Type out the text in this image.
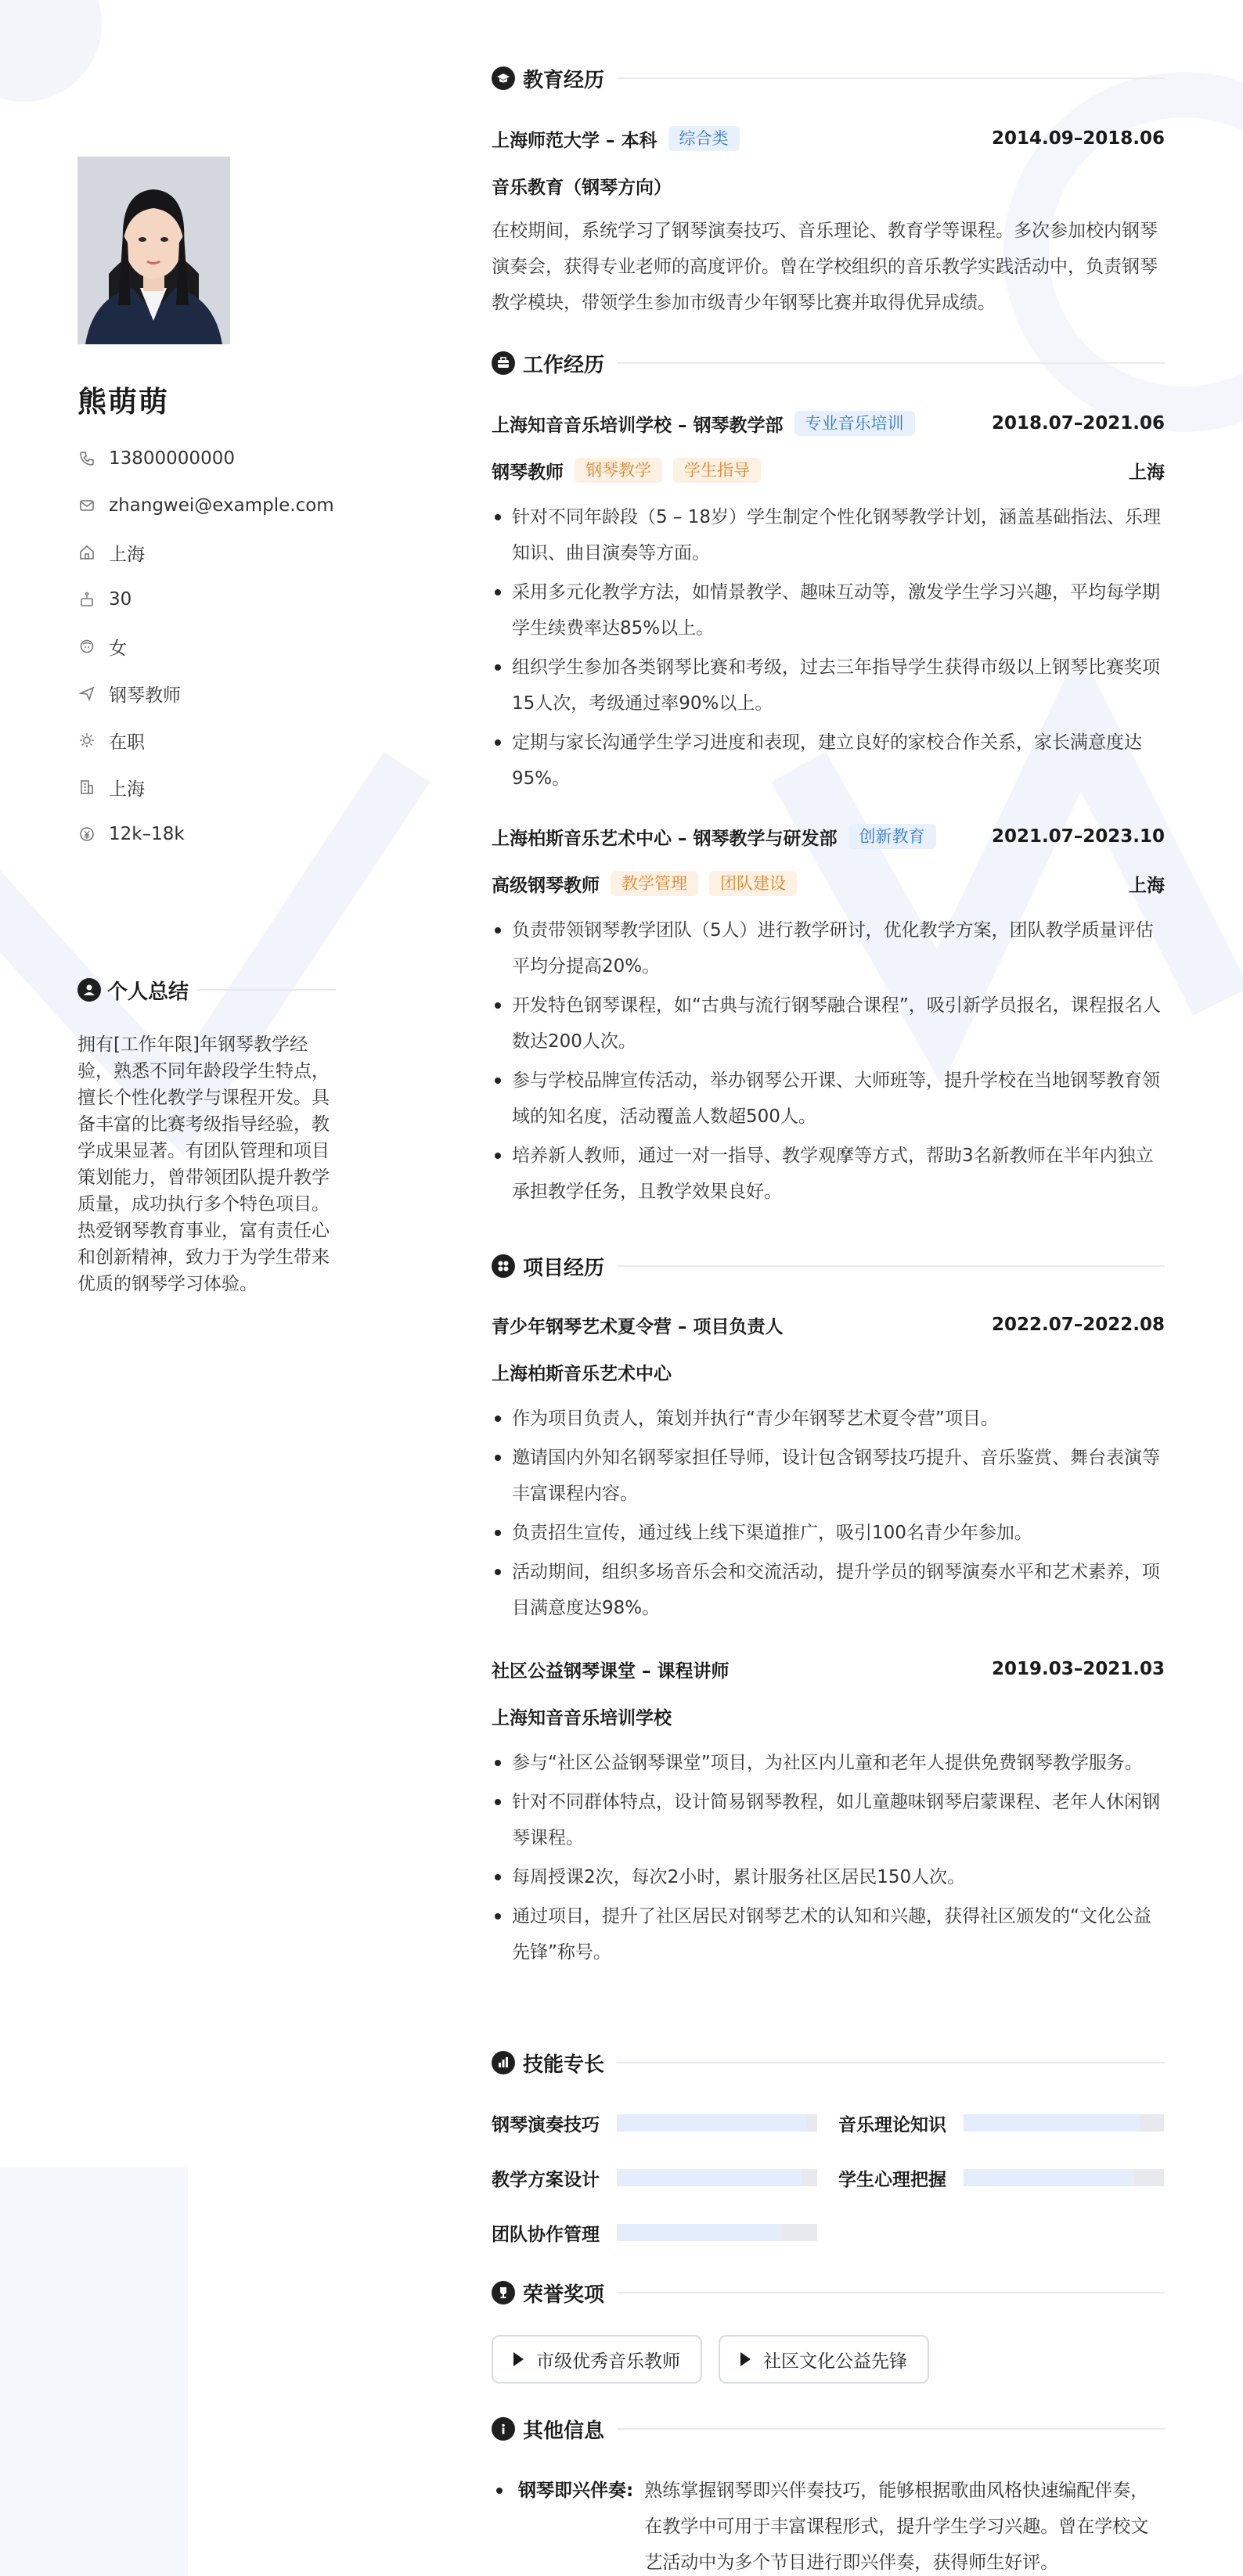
熊萌萌
13800000000
zhangwei@example.com
上海
30
女
钢琴教师
在职
上海
12k–18k
个人总结
拥有[工作年限]年钢琴教学经验，熟悉不同年龄段学生特点，擅长个性化教学与课程开发。具备丰富的比赛考级指导经验，教学成果显著。有团队管理和项目策划能力，曾带领团队提升教学质量，成功执行多个特色项目。热爱钢琴教育事业，富有责任心和创新精神，致力于为学生带来优质的钢琴学习体验。
教育经历
上海师范大学 – 本科	综合类	2014.09–2018.06
音乐教育（钢琴方向）
在校期间，系统学习了钢琴演奏技巧、音乐理论、教育学等课程。多次参加校内钢琴演奏会，获得专业老师的高度评价。曾在学校组织的音乐教学实践活动中，负责钢琴教学模块，带领学生参加市级青少年钢琴比赛并取得优异成绩。
工作经历
上海知音音乐培训学校 – 钢琴教学部	专业音乐培训	2018.07–2021.06
钢琴教师	钢琴教学	学生指导	上海
针对不同年龄段（5 – 18岁）学生制定个性化钢琴教学计划，涵盖基础指法、乐理知识、曲目演奏等方面。
采用多元化教学方法，如情景教学、趣味互动等，激发学生学习兴趣，平均每学期学生续费率达85%以上。
组织学生参加各类钢琴比赛和考级，过去三年指导学生获得市级以上钢琴比赛奖项15人次，考级通过率90%以上。
定期与家长沟通学生学习进度和表现，建立良好的家校合作关系，家长满意度达95%。
上海柏斯音乐艺术中心 – 钢琴教学与研发部	创新教育	2021.07–2023.10
高级钢琴教师	教学管理	团队建设	上海
负责带领钢琴教学团队（5人）进行教学研讨，优化教学方案，团队教学质量评估平均分提高20%。
开发特色钢琴课程，如“古典与流行钢琴融合课程”，吸引新学员报名，课程报名人数达200人次。
参与学校品牌宣传活动，举办钢琴公开课、大师班等，提升学校在当地钢琴教育领域的知名度，活动覆盖人数超500人。
培养新人教师，通过一对一指导、教学观摩等方式，帮助3名新教师在半年内独立承担教学任务，且教学效果良好。
项目经历
青少年钢琴艺术夏令营 – 项目负责人	2022.07–2022.08
上海柏斯音乐艺术中心
作为项目负责人，策划并执行“青少年钢琴艺术夏令营”项目。
邀请国内外知名钢琴家担任导师，设计包含钢琴技巧提升、音乐鉴赏、舞台表演等丰富课程内容。
负责招生宣传，通过线上线下渠道推广，吸引100名青少年参加。
活动期间，组织多场音乐会和交流活动，提升学员的钢琴演奏水平和艺术素养，项目满意度达98%。
社区公益钢琴课堂 – 课程讲师	2019.03–2021.03
上海知音音乐培训学校
参与“社区公益钢琴课堂”项目，为社区内儿童和老年人提供免费钢琴教学服务。
针对不同群体特点，设计简易钢琴教程，如儿童趣味钢琴启蒙课程、老年人休闲钢琴课程。
每周授课2次，每次2小时，累计服务社区居民150人次。
通过项目，提升了社区居民对钢琴艺术的认知和兴趣，获得社区颁发的“文化公益先锋”称号。
技能专长
钢琴演奏技巧	音乐理论知识
教学方案设计	学生心理把握
团队协作管理
荣誉奖项
市级优秀音乐教师	社区文化公益先锋
其他信息
钢琴即兴伴奏: 熟练掌握钢琴即兴伴奏技巧，能够根据歌曲风格快速编配伴奏，在教学中可用于丰富课程形式，提升学生学习兴趣。曾在学校文艺活动中为多个节目进行即兴伴奏，获得师生好评。
